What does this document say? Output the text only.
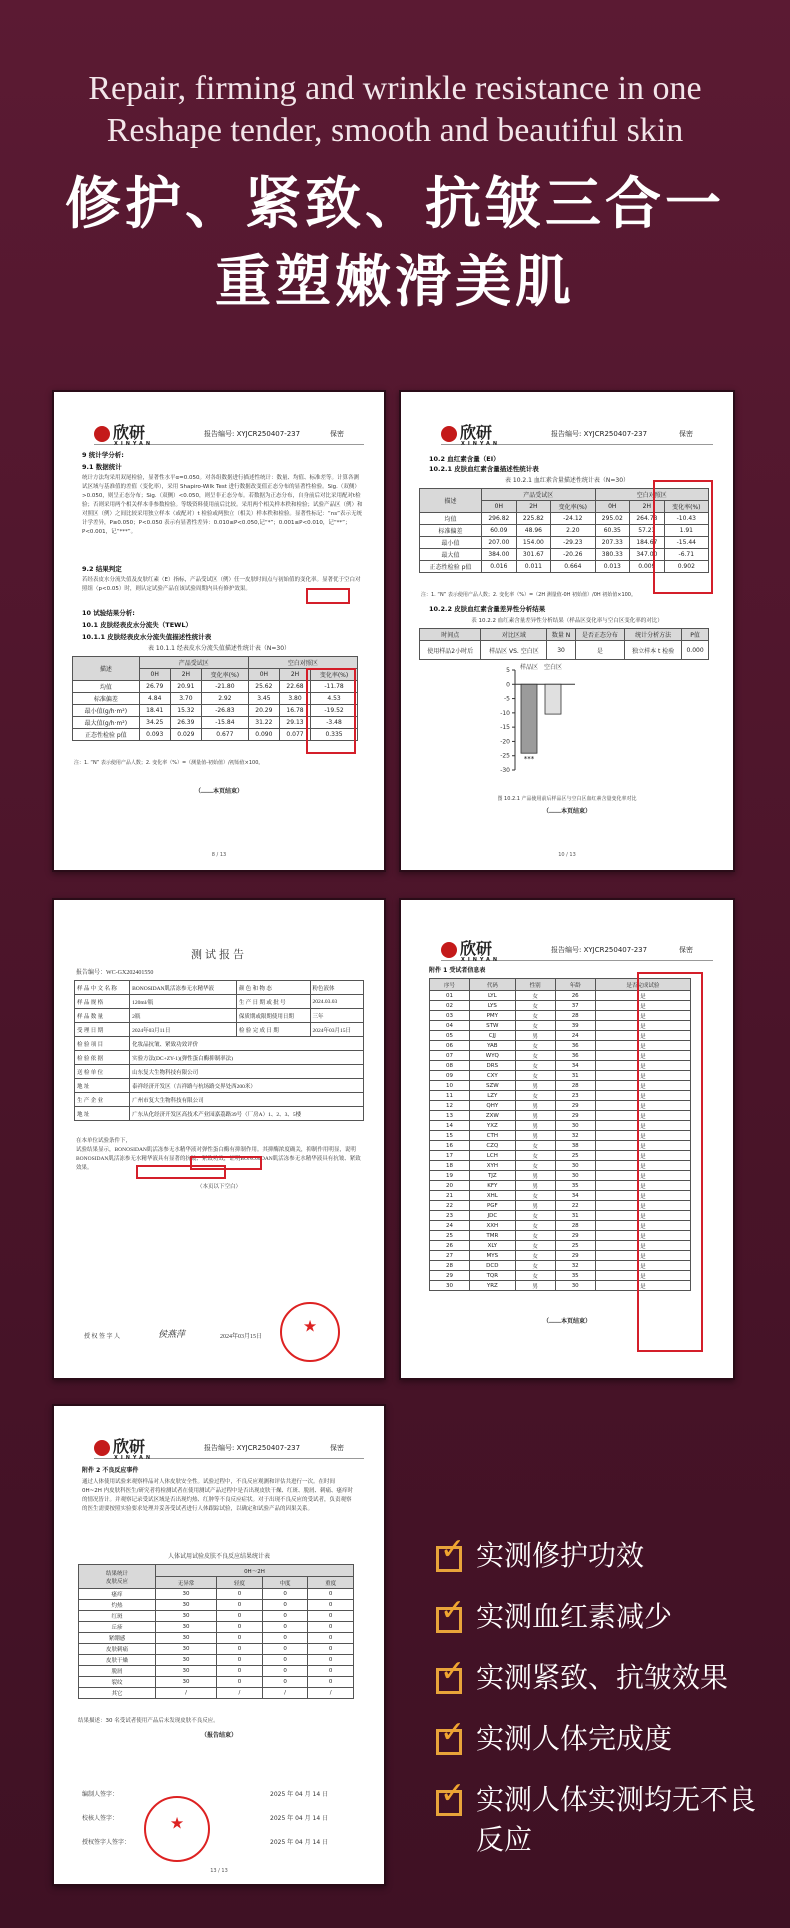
Repair, firming and wrinkle resistance in one
Reshape tender, smooth and beautiful skin
修护、紧致、抗皱三合一
重塑嫩滑美肌
欣研
XINYAN
报告编号: XYJCR250407-237	保密
9 统计学分析:
9.1 数据统计
统计方法均采用双尾检验，显著性水平α=0.050。对各组数据进行描述性统计：数量、均值、标准差等。计算各测试区域与基准值的差值（变化率），采用 Shapiro-Wilk Test 进行数据改变值正态分布的显著性检验。Sig.（双侧）>0.050，则呈正态分布；Sig.（双侧）<0.050，则呈非正态分布。若数据为正态分布，自身前后对比采用配对t检验；否则采用两个相关样本非参数检验。等级资料使用前后比较。采用两个相关样本秩和检验；试验产品区（例）和对照区（例）之间比较采用独立样本（或配对）t 检验或两独立（相关）样本秩和检验。显著性标记：“ns”表示无统计学差异，P≥0.050；P<0.050 表示有显著性差异：0.010≤P<0.050,记“*”；0.001≤P<0.010，记“**”；P<0.001，记“***”。
9.2 结果判定
若经表皮水分流失值及皮肤红素（E）指标，产品受试区（例）任一皮肤时间点与初始值的变化率。显著优于空白对照组（p<0.05）时，则认定试验产品在该试验周期内具有修护效果。
10 试验结果分析:
10.1 皮肤经表皮水分流失（TEWL）
10.1.1 皮肤经表皮水分流失值描述性统计表
表 10.1.1 经表皮水分流失值描述性统计表（N=30）
描述	产品受试区			空白对照区		
	0H	2H	变化率(%)	0H	2H	变化率(%)
均值	26.79	20.91	-21.80	25.62	22.68	-11.78
标准偏差	4.84	3.70	2.92	3.45	3.80	4.53
最小值(g/h·m²)	18.41	15.32	-26.83	20.29	16.78	-19.52
最大值(g/h·m²)	34.25	26.39	-15.84	31.22	29.13	-3.48
正态性检验 p值	0.093	0.029	0.677	0.090	0.077	0.335
注：1. “N” 表示使用产品人数；2. 变化率（%）=（测量值-初始值）/初始值×100。
（……本页结束）
8 / 13
欣研
XINYAN
报告编号: XYJCR250407-237	保密
10.2 血红素含量（EI）
10.2.1 皮肤血红素含量描述性统计表
表 10.2.1 血红素含量描述性统计表（N=30）
描述	产品受试区			空白对照区		
	0H	2H	变化率(%)	0H	2H	变化率(%)
均值	296.82	225.82	-24.12	295.02	264.78	-10.43
标准偏差	60.09	48.96	2.20	60.35	57.23	1.91
最小值	207.00	154.00	-29.23	207.33	184.67	-15.44
最大值	384.00	301.67	-20.26	380.33	347.00	-6.71
正态性检验 p值	0.016	0.011	0.664	0.013	0.009	0.902
注：1. “N” 表示使用产品人数；2. 变化率（%）=（2H 测量值-0H 初始值）/0H 初始值×100。
10.2.2 皮肤血红素含量差异性分析结果
表 10.2.2 血红素含量差异性分析结果（样品区变化率与空白区变化率的对比）
时间点	对比区域	数量 N	是否正态分布	统计分析方法	P值
使用样品2小时后	样品区 VS. 空白区	30	是	独立样本 t 检验	0.000
5
0
-5
-10
-15
-20
-25
-30
样品区 空白区
***
图 10.2.1 产品使用前后样品区与空白区血红素含量变化率对比
（……本页结束）
10 / 13
测试报告
报告编号：WC-GX202401550
样 品 中 文 名 称	BONOSIDAN肌活冻参无水精华液	颜 色 和 物 态	粉色液体
样 品 规 格	120ml/瓶	生 产 日 期 或 批 号	2024.03.03
样 品 数 量	2瓶	保质期或限期使用日期	三年
受 理 日 期	2024年03月11日	检 验 完 成 日 期	2024年03月15日
检 验 项 目	化妆品抗皱、紧致功效评价		
检 验 依 据	实验方法(DC+ZY-1)(弹性蛋白酶抑制率法)		
送 检 单 位	山东复大生物科技有限公司		
地 址	泰祥经济开发区（吉祥路与杭场路交界处西200米）		
生 产 企 业	广州市复大生物科技有限公司		
地 址	广东从化经济开发区高技术产业园嘉荔路39号（厂房A）1、2、3、5楼		
在本单位试验条件下，
试验结果显示，BONOSIDAN肌活冻参无水精华液对弹性蛋白酶有抑制作用。其抑酶浓度确关，抑制作用明显，说明BONOSIDAN肌活冻参无水精华液具有显著的抗皱、紧致功效，证明BONOSIDAN肌活冻参无水精华液具有抗皱、紧致效果。
（本页以下空白）
授 权 签 字 人	侯燕萍	2024年03月15日
★
欣研
XINYAN
报告编号: XYJCR250407-237	保密
附件 1 受试者信息表
序号	代码	性别	年龄	是否完成试验
01	LYL	女	26	是
02	LYS	女	37	是
03	PMY	女	28	是
04	STW	女	39	是
05	CJJ	男	24	是
06	YAB	女	36	是
07	WYQ	女	36	是
08	DRS	女	34	是
09	CXY	女	31	是
10	SZW	男	28	是
11	LZY	女	23	是
12	QHY	男	29	是
13	ZXW	男	29	是
14	YXZ	男	30	是
15	CTH	男	32	是
16	CZQ	女	38	是
17	LCH	女	25	是
18	XYH	女	30	是
19	TJZ	男	30	是
20	KFY	男	35	是
21	XHL	女	34	是
22	PGF	男	22	是
23	JDC	女	31	是
24	XXH	女	28	是
25	TMR	女	29	是
26	XLY	女	25	是
27	MYS	女	29	是
28	DCD	女	32	是
29	TQR	女	35	是
30	YRZ	男	30	是
（……本页结束）
欣研
XINYAN
报告编号: XYJCR250407-237	保密
附件 2 不良反应事件
通过人体使用试验来观察样品对人体皮肤安全性。试验过程中，不良反应观测和评估共进行一次。在时间 0H~2H 内皮肤科医生/研究者将检测试者在使用测试产品过程中是否出现皮肤干燥、红斑、脱屑、刺痛、瘙痒时的情况皆计。并观察记录受试区域是否出现灼热、红肿等不良反应症状。对于出现不良反应的受试者，负责观察的医生需要按照实验要求处理并妥善受试者进行人体跟踪试验，以确定和试验产品的因果关系。
人体试用试验皮肤不良反应结果统计表
结果统计
皮肤反应	0H～2H			
	无异常	轻度	中度	重度
瘙痒	30	0	0	0
灼热	30	0	0	0
红斑	30	0	0	0
丘疹	30	0	0	0
紧绷感	30	0	0	0
皮肤刺痛	30	0	0	0
皮肤干燥	30	0	0	0
脱屑	30	0	0	0
裂纹	30	0	0	0
其它	/	/	/	/
结果描述：30 名受试者使用产品后未发现皮肤不良反应。
（报告结束）
编制人签字：
校核人签字：
授权签字人签字：
2025 年 04 月 14 日
2025 年 04 月 14 日
2025 年 04 月 14 日
★
13 / 13
✓ 实测修护功效
✓ 实测血红素减少
✓ 实测紧致、抗皱效果
✓ 实测人体完成度
✓ 实测人体实测均无不良反应
